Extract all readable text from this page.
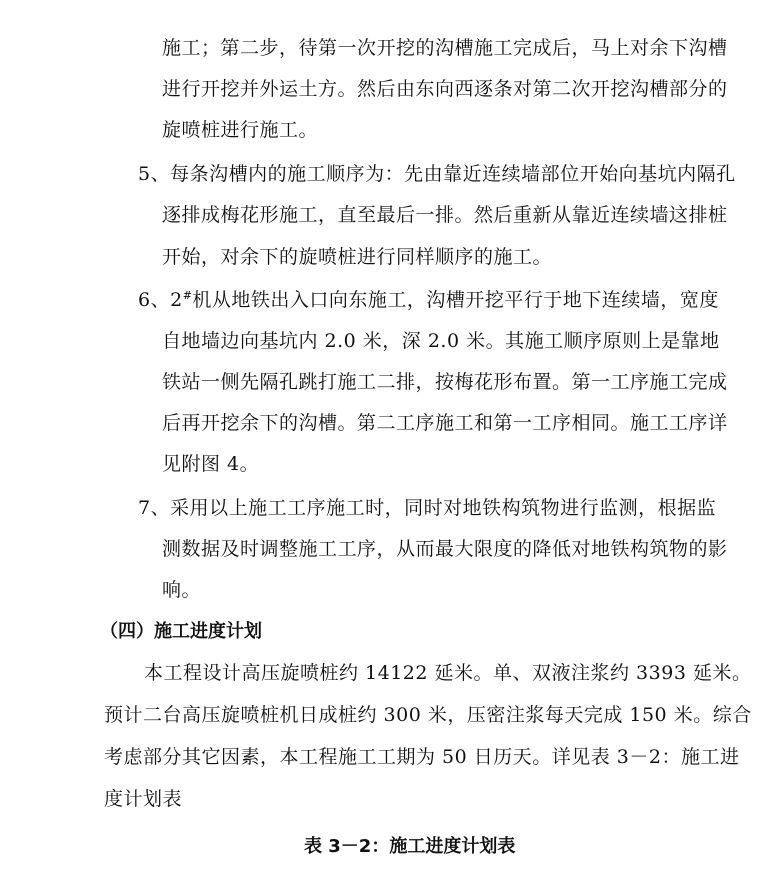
施工；第二步，待第一次开挖的沟槽施工完成后，马上对余下沟槽
进行开挖并外运土方。然后由东向西逐条对第二次开挖沟槽部分的
旋喷桩进行施工。
5、每条沟槽内的施工顺序为：先由靠近连续墙部位开始向基坑内隔孔
逐排成梅花形施工，直至最后一排。然后重新从靠近连续墙这排桩
开始，对余下的旋喷桩进行同样顺序的施工。
6、2#机从地铁出入口向东施工，沟槽开挖平行于地下连续墙，宽度
自地墙边向基坑内 2.0 米，深 2.0 米。其施工顺序原则上是靠地
铁站一侧先隔孔跳打施工二排，按梅花形布置。第一工序施工完成
后再开挖余下的沟槽。第二工序施工和第一工序相同。施工工序详
见附图 4。
7、采用以上施工工序施工时，同时对地铁构筑物进行监测，根据监
测数据及时调整施工工序，从而最大限度的降低对地铁构筑物的影
响。
（四）施工进度计划
本工程设计高压旋喷桩约 14122 延米。单、双液注浆约 3393 延米。
预计二台高压旋喷桩机日成桩约 300 米，压密注浆每天完成 150 米。综合
考虑部分其它因素，本工程施工工期为 50 日历天。详见表 3－2：施工进
度计划表
表 3－2：施工进度计划表
